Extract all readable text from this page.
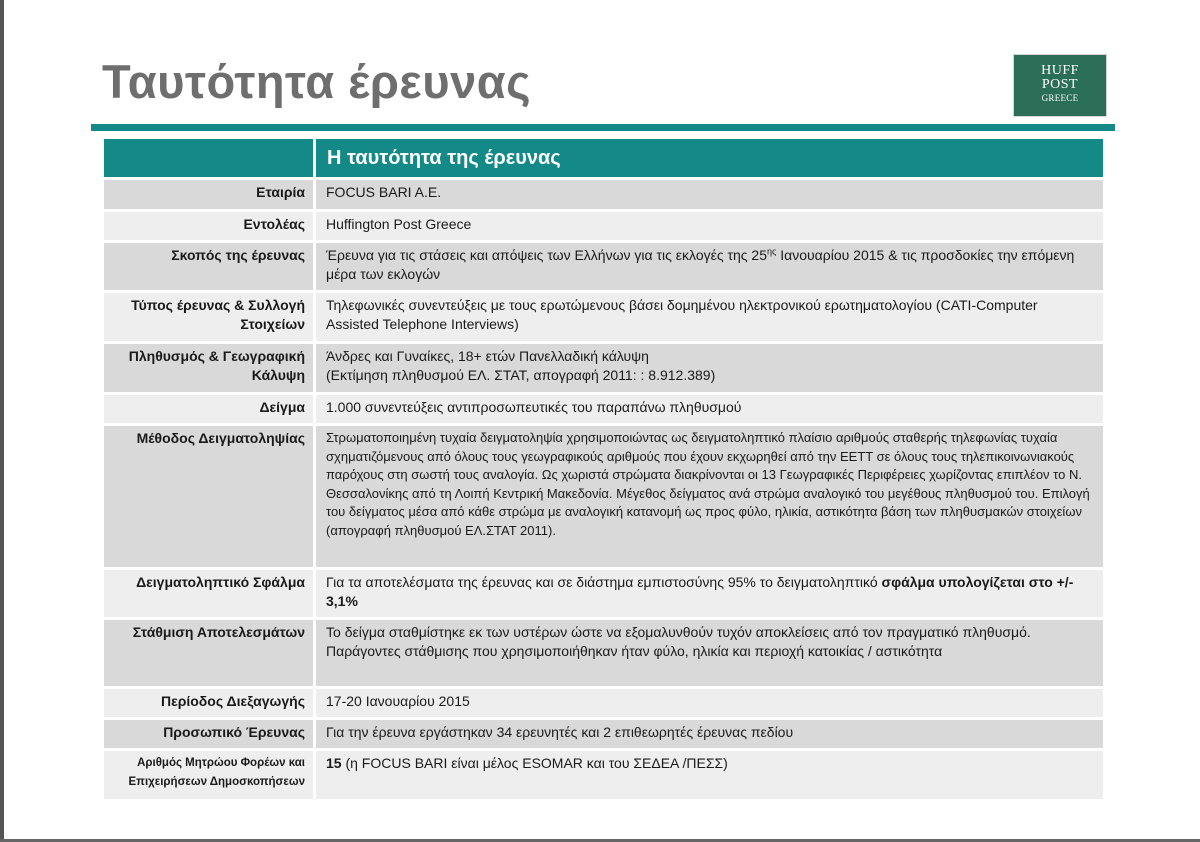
Ταυτότητα έρευνας	HUFF
POST
GREECE
	Η ταυτότητα της έρευνας
Εταιρία	FOCUS BARI A.E.
Εντολέας	Huffington Post Greece
Σκοπός της έρευνας	Έρευνα για τις στάσεις και απόψεις των Ελλήνων για τις εκλογές της $25^{\eta\varsigma}$ Ιανουαρίου 2015 & τις προσδοκίες την επόμενη μέρα των εκλογών
Τύπος έρευνας & Συλλογή Στοιχείων	Τηλεφωνικές συνεντεύξεις με τους ερωτώμενους βάσει δομημένου ηλεκτρονικού ερωτηματολογίου (CATI-Computer Assisted Telephone Interviews)
Πληθυσμός & Γεωγραφική Κάλυψη	Άνδρες και Γυναίκες, 18+ ετών Πανελλαδική κάλυψη
(Εκτίμηση πληθυσμού ΕΛ. ΣΤΑΤ, απογραφή 2011: : 8.912.389)

Δείγμα	1.000 συνεντεύξεις αντιπροσωπευτικές του παραπάνω πληθυσμού
Μέθοδος Δειγματοληψίας	Στρωματοποιημένη τυχαία δειγματοληψία χρησιμοποιώντας ως δειγματοληπτικό πλαίσιο αριθμούς σταθερής τηλεφωνίας τυχαία σχηματιζόμενους από όλους τους γεωγραφικούς αριθμούς που έχουν εκχωρηθεί από την ΕΕΤΤ σε όλους τους τηλεπικοινωνιακούς παρόχους στη σωστή τους αναλογία. Ως χωριστά στρώματα διακρίνονται οι 13 Γεωγραφικές Περιφέρειες χωρίζοντας επιπλέον το Ν. Θεσσαλονίκης από τη Λοιπή Κεντρική Μακεδονία. Μέγεθος δείγματος ανά στρώμα αναλογικό του μεγέθους πληθυσμού του. Επιλογή του δείγματος μέσα από κάθε στρώμα με αναλογική κατανομή ως προς φύλο, ηλικία, αστικότητα βάση των πληθυσμακών στοιχείων (απογραφή πληθυσμού ΕΛ.ΣΤΑΤ 2011).
Δειγματοληπτικό Σφάλμα	Για τα αποτελέσματα της έρευνας και σε διάστημα εμπιστοσύνης 95% το δειγματοληπτικό σφάλμα υπολογίζεται στο +/- 3,1%
Στάθμιση Αποτελεσμάτων	Το δείγμα σταθμίστηκε εκ των υστέρων ώστε να εξομαλυνθούν τυχόν αποκλείσεις από τον πραγματικό πληθυσμό. Παράγοντες στάθμισης που χρησιμοποιήθηκαν ήταν φύλο, ηλικία και περιοχή κατοικίας / αστικότητα
Περίοδος Διεξαγωγής	17-20 Ιανουαρίου 2015
Προσωπικό Έρευνας	Για την έρευνα εργάστηκαν 34 ερευνητές και 2 επιθεωρητές έρευνας πεδίου
Αριθμός Μητρώου Φορέων και Επιχειρήσεων Δημοσκοπήσεων	15 (η FOCUS BARI είναι μέλος ESOMAR και του ΣΕΔΕΑ /ΠΕΣΣ)
